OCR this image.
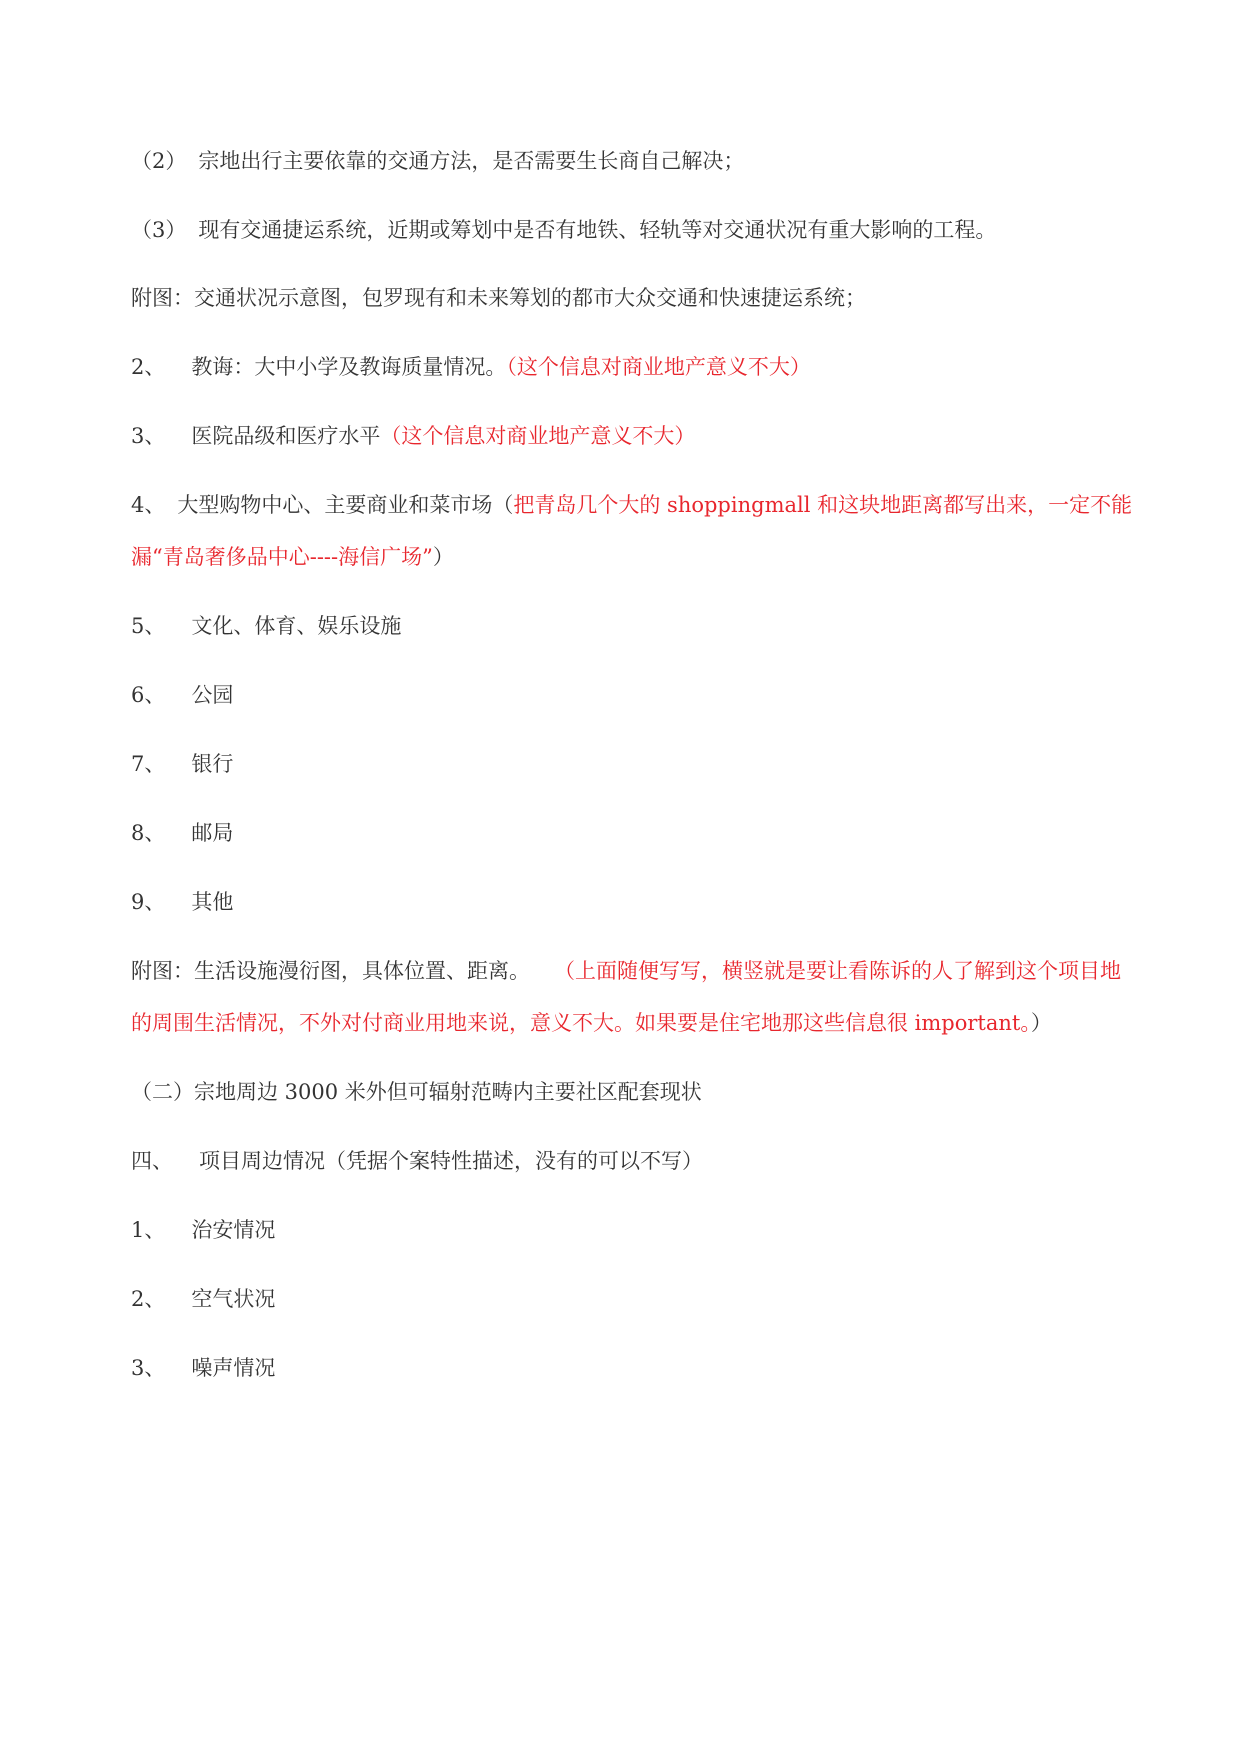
（2） 宗地出行主要依靠的交通方法，是否需要生长商自己解决；
（3） 现有交通捷运系统，近期或筹划中是否有地铁、轻轨等对交通状况有重大影响的工程。
附图：交通状况示意图，包罗现有和未来筹划的都市大众交通和快速捷运系统；
2、 教诲：大中小学及教诲质量情况。（这个信息对商业地产意义不大）
3、 医院品级和医疗水平（这个信息对商业地产意义不大）
4、 大型购物中心、主要商业和菜市场（把青岛几个大的 shoppingmall 和这块地距离都写出来，一定不能
漏“青岛奢侈品中心----海信广场”）
5、 文化、体育、娱乐设施
6、 公园
7、 银行
8、 邮局
9、 其他
附图：生活设施漫衍图，具体位置、距离。 （上面随便写写，横竖就是要让看陈诉的人了解到这个项目地
的周围生活情况，不外对付商业用地来说，意义不大。如果要是住宅地那这些信息很 important。）
（二）宗地周边 3000 米外但可辐射范畴内主要社区配套现状
四、 项目周边情况（凭据个案特性描述，没有的可以不写）
1、 治安情况
2、 空气状况
3、 噪声情况
